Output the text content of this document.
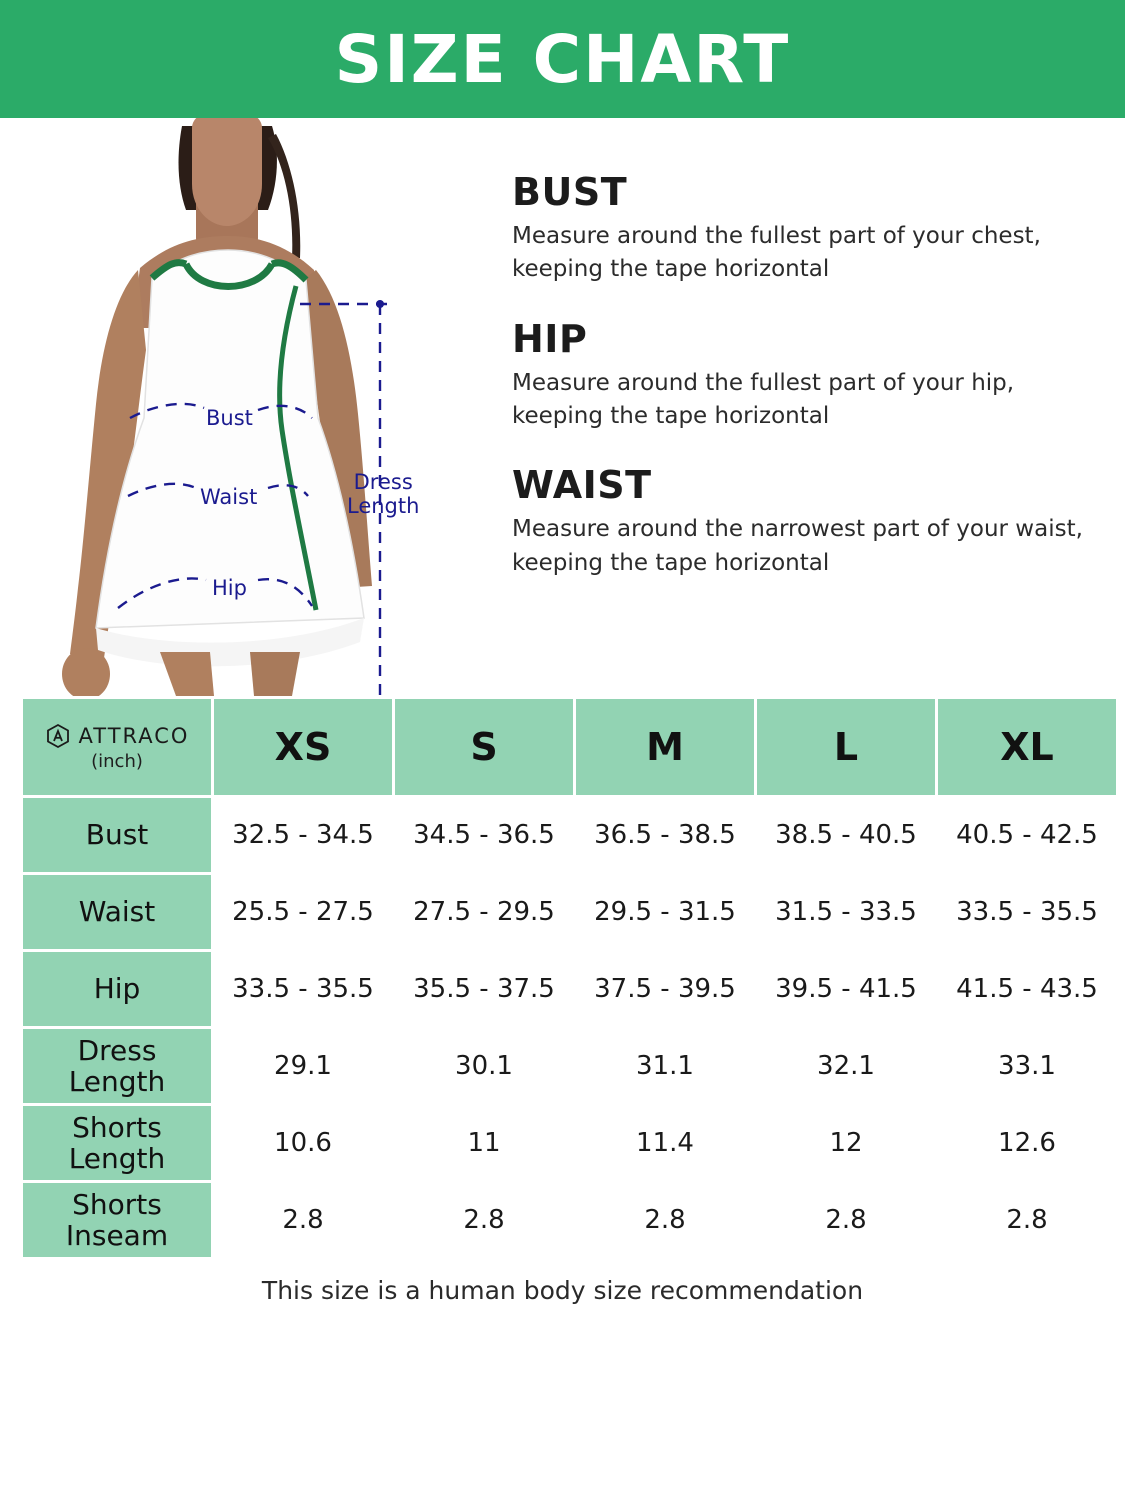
SIZE CHART
Bust
Waist
Hip
Dress
Length
BUST
Measure around the fullest part of your chest, keeping the tape horizontal
HIP
Measure around the fullest part of your hip, keeping the tape horizontal
WAIST
Measure around the narrowest part of your waist, keeping the tape horizontal
ATTRACO
(inch)	XS	S	M	L	XL
Bust	32.5 - 34.5	34.5 - 36.5	36.5 - 38.5	38.5 - 40.5	40.5 - 42.5
Waist	25.5 - 27.5	27.5 - 29.5	29.5 - 31.5	31.5 - 33.5	33.5 - 35.5
Hip	33.5 - 35.5	35.5 - 37.5	37.5 - 39.5	39.5 - 41.5	41.5 - 43.5
Dress
Length	29.1	30.1	31.1	32.1	33.1
Shorts
Length	10.6	11	11.4	12	12.6
Shorts
Inseam	2.8	2.8	2.8	2.8	2.8
This size is a human body size recommendation
